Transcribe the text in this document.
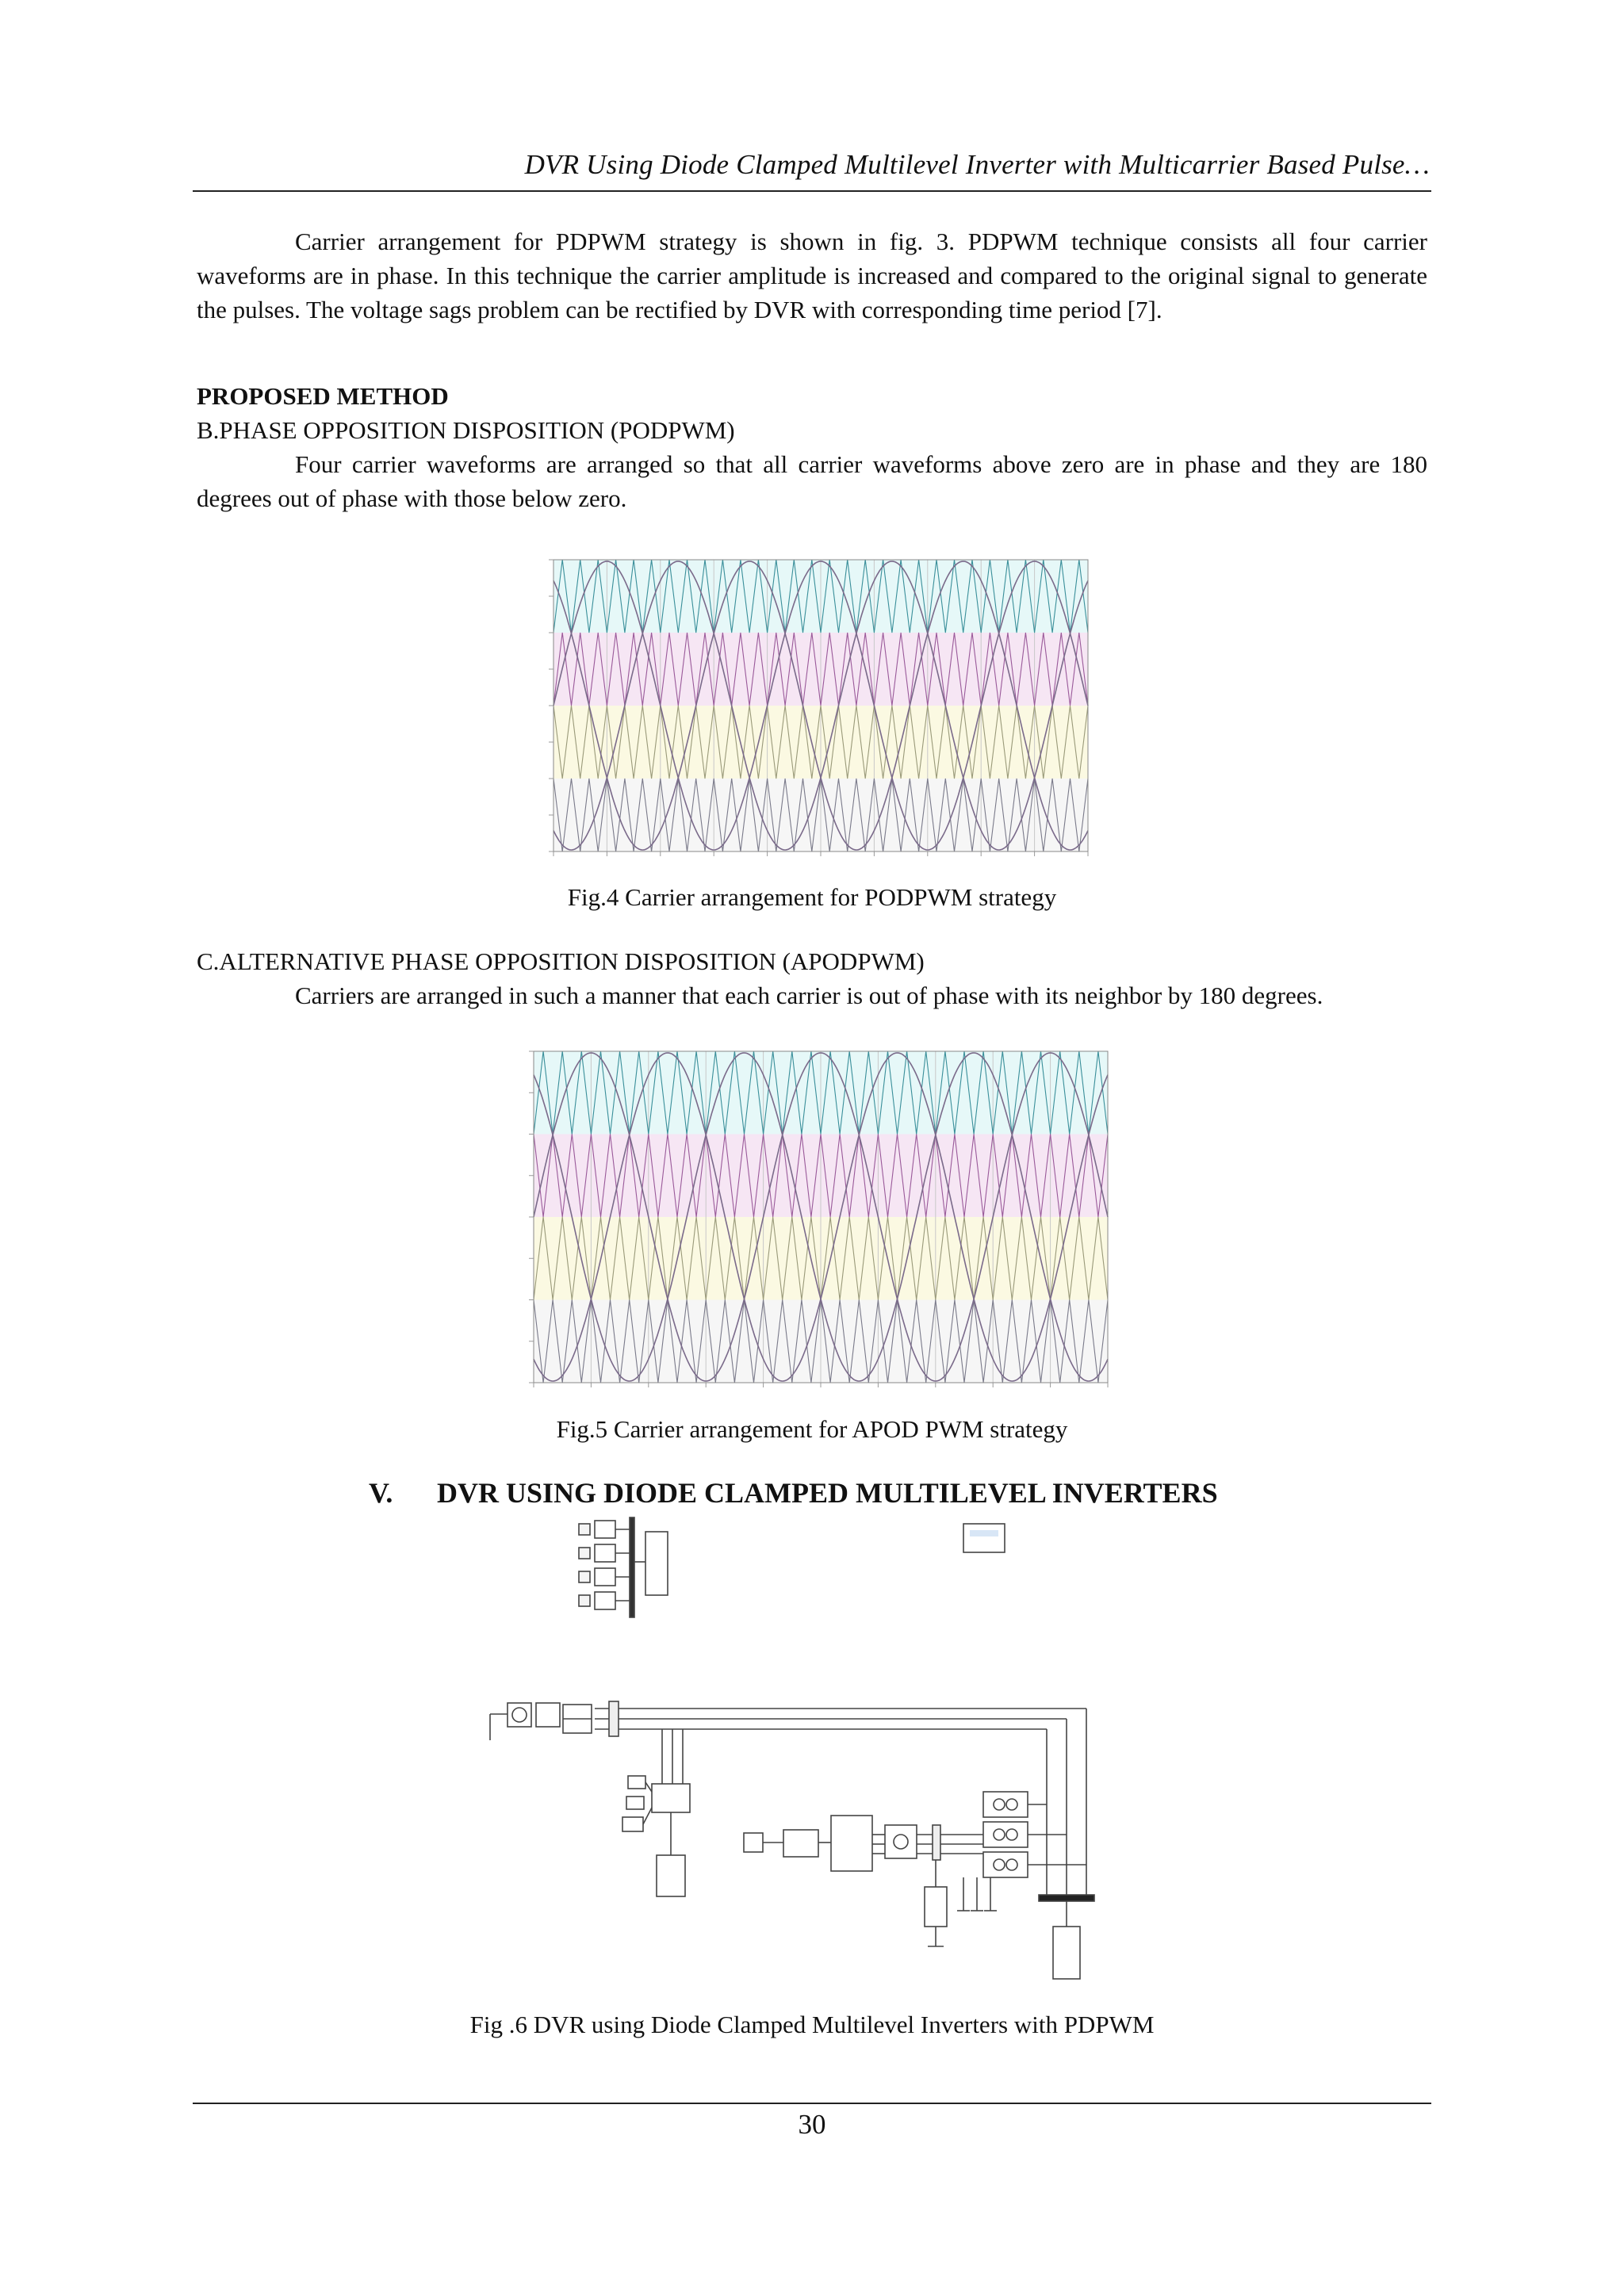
DVR Using Diode Clamped Multilevel Inverter with Multicarrier Based Pulse…
Carrier arrangement for PDPWM strategy is shown in fig. 3. PDPWM technique consists all four carrier waveforms are in phase. In this technique the carrier amplitude is increased and compared to the original signal to generate the pulses. The voltage sags problem can be rectified by DVR with corresponding time period [7].
PROPOSED METHOD
B.PHASE OPPOSITION DISPOSITION (PODPWM)
Four carrier waveforms are arranged so that all carrier waveforms above zero are in phase and they are 180 degrees out of phase with those below zero.
Fig.4 Carrier arrangement for PODPWM strategy
C.ALTERNATIVE PHASE OPPOSITION DISPOSITION (APODPWM)
Carriers are arranged in such a manner that each carrier is out of phase with its neighbor by 180 degrees.
Fig.5 Carrier arrangement for APOD PWM strategy
V. DVR USING DIODE CLAMPED MULTILEVEL INVERTERS
Fig .6 DVR using Diode Clamped Multilevel Inverters with PDPWM
30
